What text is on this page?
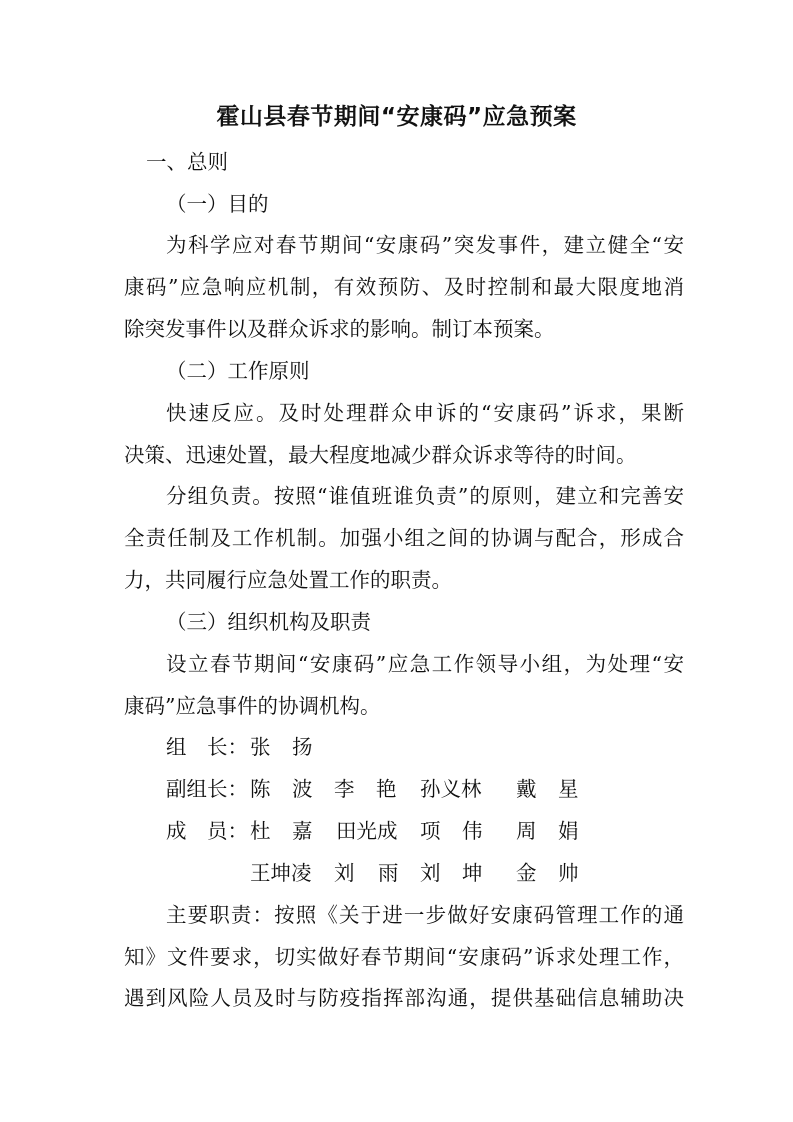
霍山县春节期间“安康码”应急预案
一、总则
（一）目的
为科学应对春节期间“安康码”突发事件，建立健全“安
康码”应急响应机制，有效预防、及时控制和最大限度地消
除突发事件以及群众诉求的影响。制订本预案。
（二）工作原则
快速反应。及时处理群众申诉的“安康码”诉求，果断
决策、迅速处置，最大程度地减少群众诉求等待的时间。
分组负责。按照“谁值班谁负责”的原则，建立和完善安
全责任制及工作机制。加强小组之间的协调与配合，形成合
力，共同履行应急处置工作的职责。
（三）组织机构及职责
设立春节期间“安康码”应急工作领导小组，为处理“安
康码”应急事件的协调机构。
组　长： 张 扬
副组长： 陈 波 李 艳 孙义林 戴 星
成　员： 杜 嘉 田光成 项 伟 周 娟
王坤凌 刘 雨 刘 坤 金 帅
主要职责：按照《关于进一步做好安康码管理工作的通
知》文件要求，切实做好春节期间“安康码”诉求处理工作，
遇到风险人员及时与防疫指挥部沟通，提供基础信息辅助决
